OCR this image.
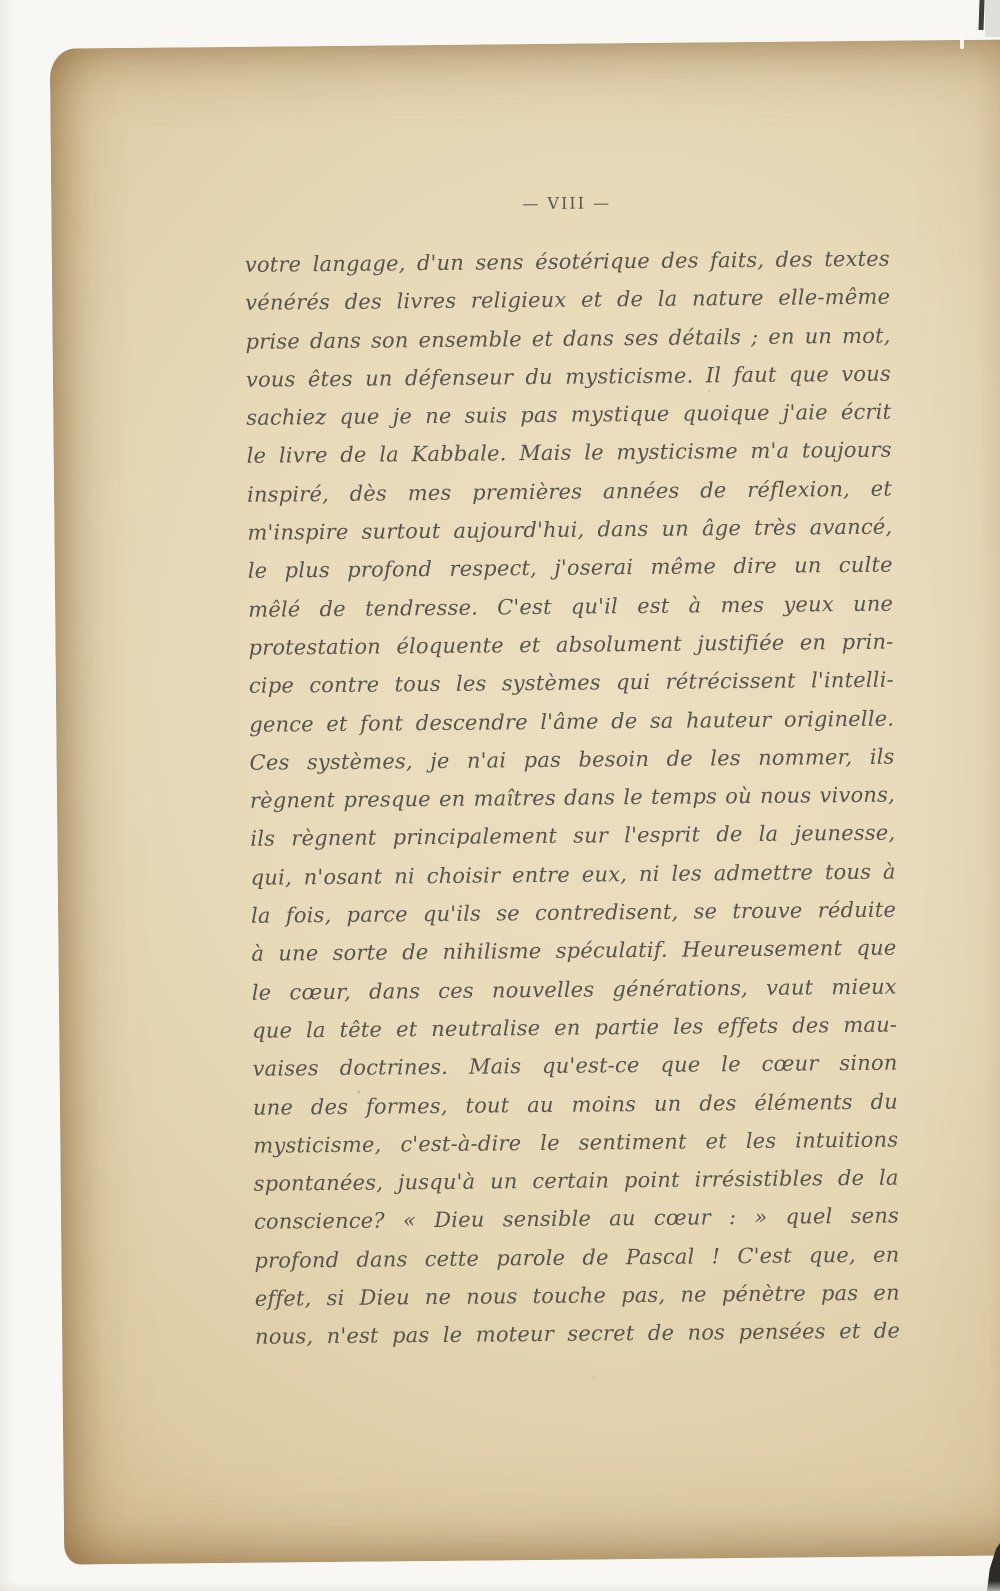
— VIII —
votre langage, d'un sens ésotérique des faits, des textes
vénérés des livres religieux et de la nature elle-même
prise dans son ensemble et dans ses détails ; en un mot,
vous êtes un défenseur du mysticisme. Il faut que vous
sachiez que je ne suis pas mystique quoique j'aie écrit
le livre de la Kabbale. Mais le mysticisme m'a toujours
inspiré, dès mes premières années de réflexion, et
m'inspire surtout aujourd'hui, dans un âge très avancé,
le plus profond respect, j'oserai même dire un culte
mêlé de tendresse. C'est qu'il est à mes yeux une
protestation éloquente et absolument justifiée en prin-
cipe contre tous les systèmes qui rétrécissent l'intelli-
gence et font descendre l'âme de sa hauteur originelle.
Ces systèmes, je n'ai pas besoin de les nommer, ils
règnent presque en maîtres dans le temps où nous vivons,
ils règnent principalement sur l'esprit de la jeunesse,
qui, n'osant ni choisir entre eux, ni les admettre tous à
la fois, parce qu'ils se contredisent, se trouve réduite
à une sorte de nihilisme spéculatif. Heureusement que
le cœur, dans ces nouvelles générations, vaut mieux
que la tête et neutralise en partie les effets des mau-
vaises doctrines. Mais qu'est-ce que le cœur sinon
une des formes, tout au moins un des éléments du
mysticisme, c'est-à-dire le sentiment et les intuitions
spontanées, jusqu'à un certain point irrésistibles de la
conscience? « Dieu sensible au cœur : » quel sens
profond dans cette parole de Pascal ! C'est que, en
effet, si Dieu ne nous touche pas, ne pénètre pas en
nous, n'est pas le moteur secret de nos pensées et de
